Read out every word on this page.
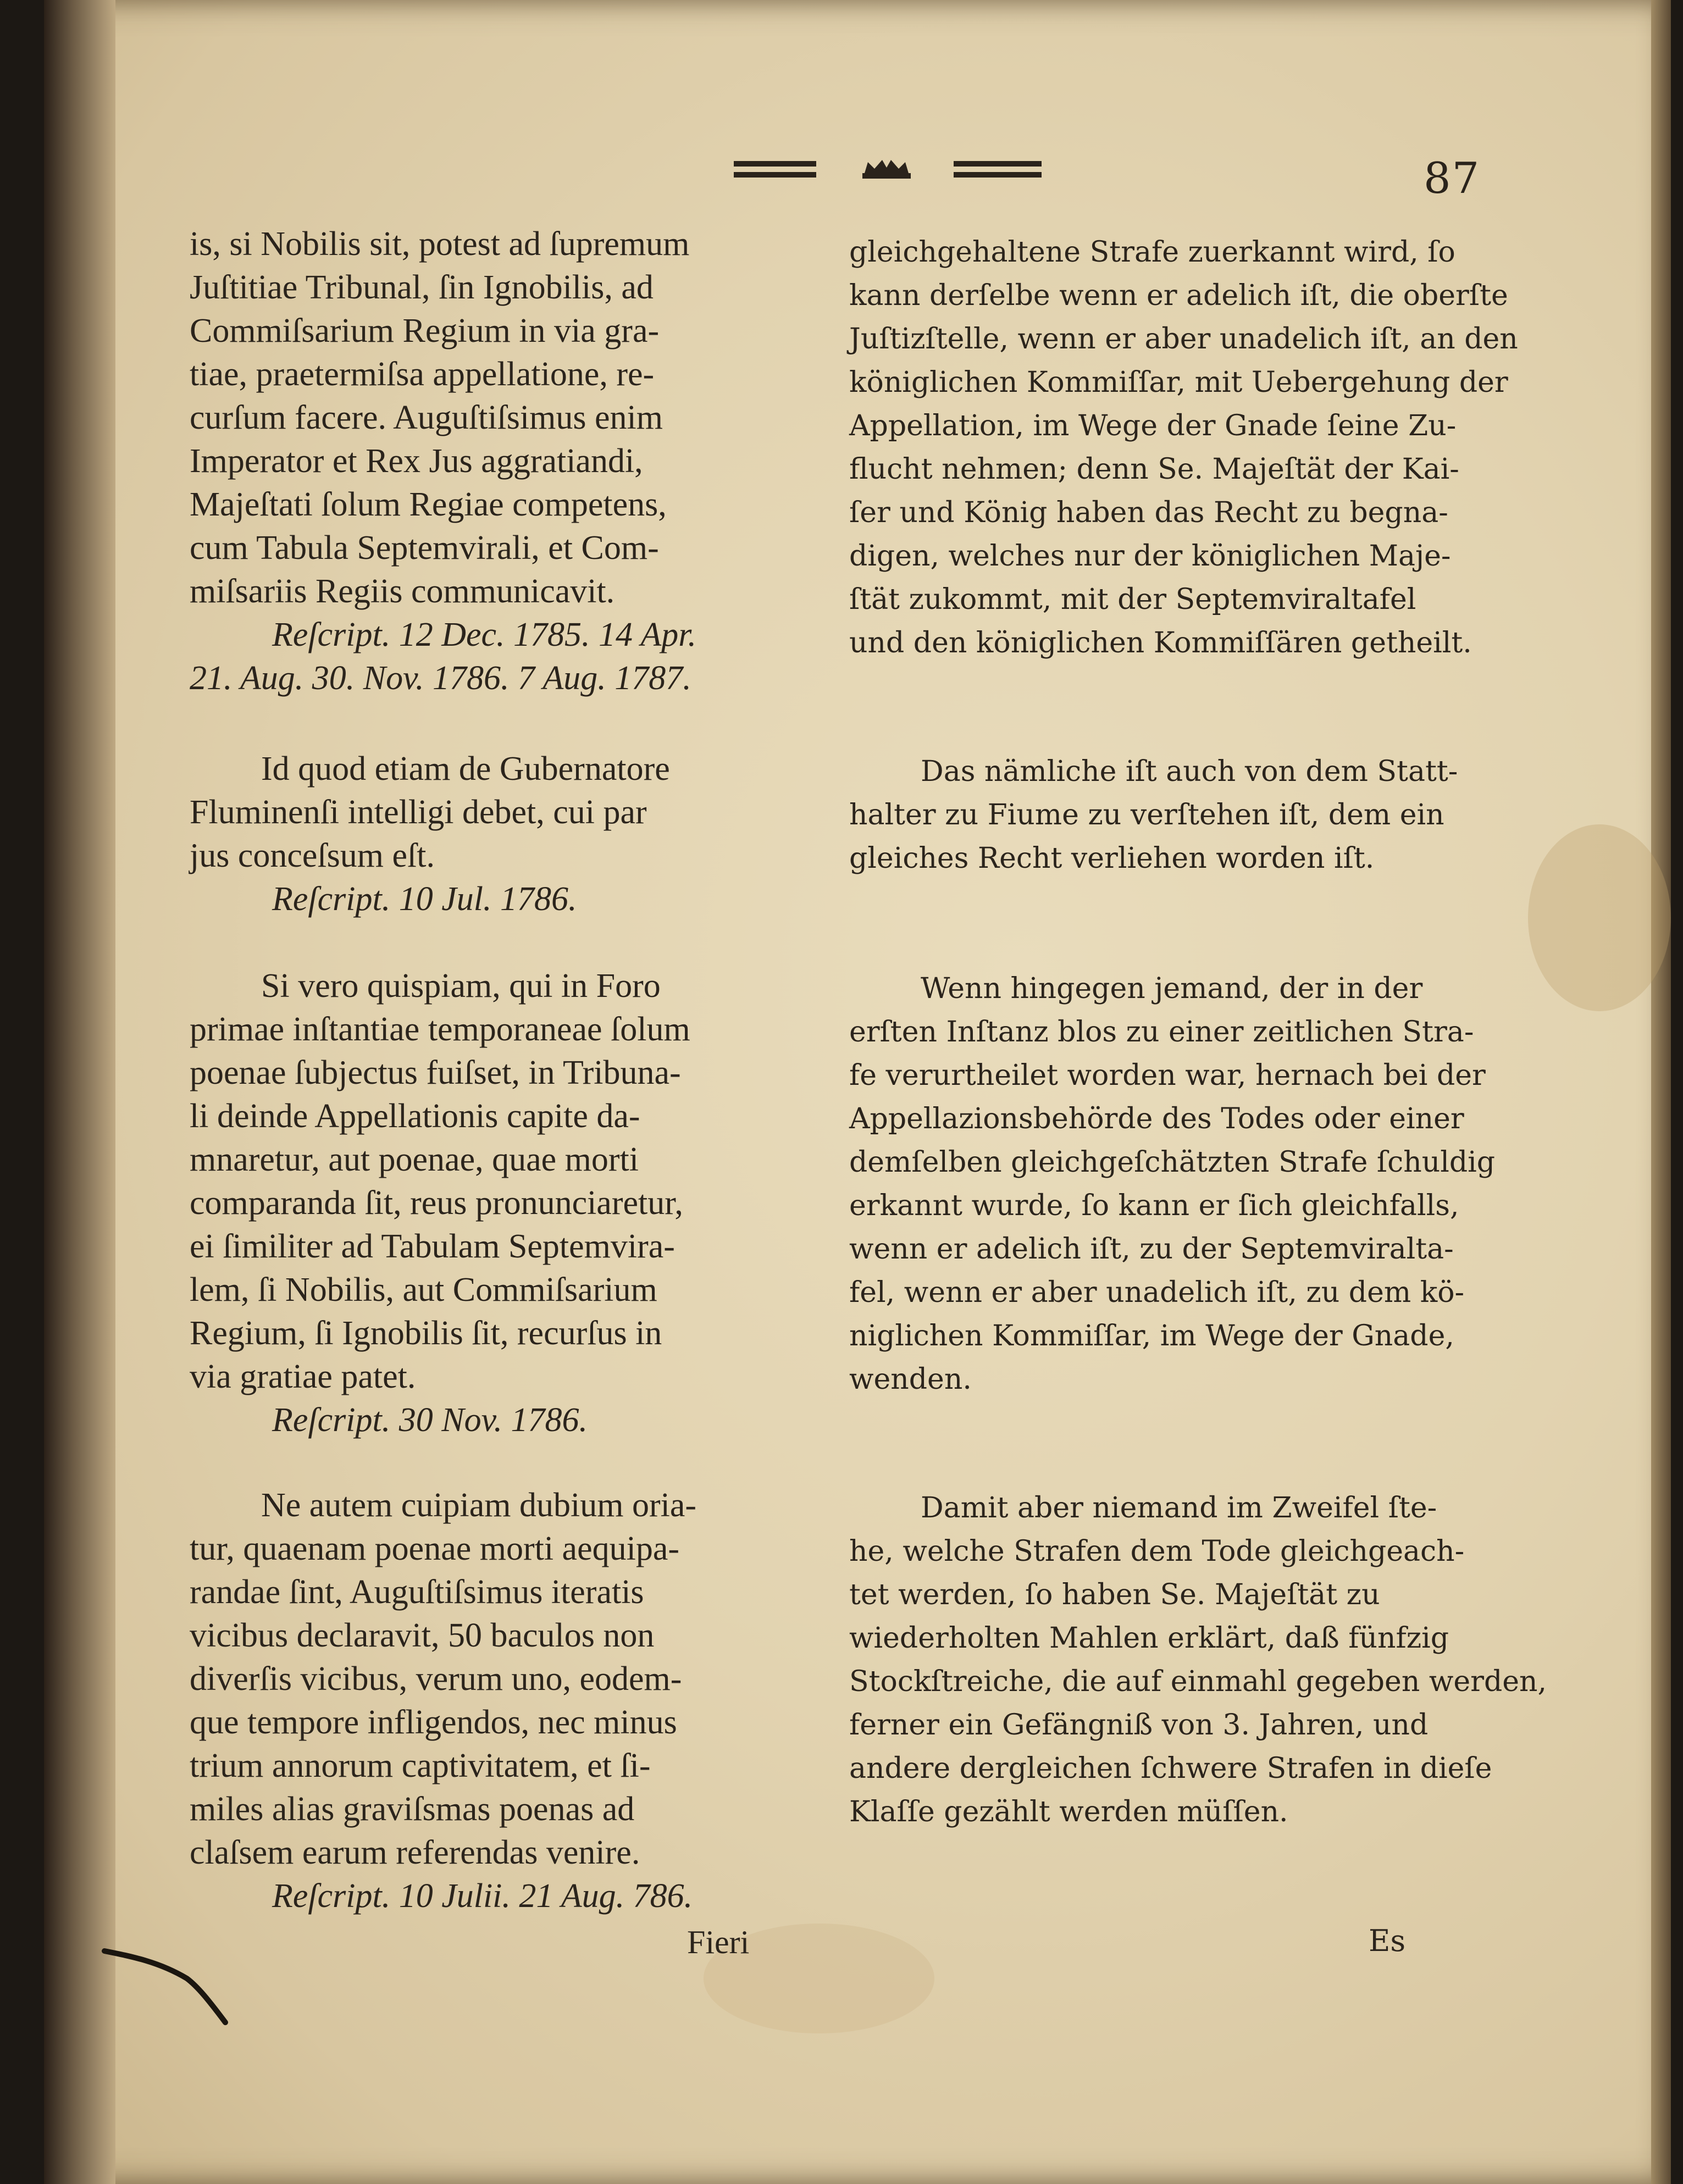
87
is, si Nobilis sit, potest ad ſupremum
Juſtitiae Tribunal, ſin Ignobilis, ad
Commiſsarium Regium in via gra-
tiae, praetermiſsa appellatione, re-
curſum facere. Auguſtiſsimus enim
Imperator et Rex Jus aggratiandi,
Majeſtati ſolum Regiae competens,
cum Tabula Septemvirali, et Com-
miſsariis Regiis communicavit.
Reſcript. 12 Dec. 1785. 14 Apr.
21. Aug. 30. Nov. 1786. 7 Aug. 1787.
Id quod etiam de Gubernatore
Fluminenſi intelligi debet, cui par
jus conceſsum eſt.
Reſcript. 10 Jul. 1786.
Si vero quispiam, qui in Foro
primae inſtantiae temporaneae ſolum
poenae ſubjectus fuiſset, in Tribuna-
li deinde Appellationis capite da-
mnaretur, aut poenae, quae morti
comparanda ſit, reus pronunciaretur,
ei ſimiliter ad Tabulam Septemvira-
lem, ſi Nobilis, aut Commiſsarium
Regium, ſi Ignobilis ſit, recurſus in
via gratiae patet.
Reſcript. 30 Nov. 1786.
Ne autem cuipiam dubium oria-
tur, quaenam poenae morti aequipa-
randae ſint, Auguſtiſsimus iteratis
vicibus declaravit, 50 baculos non
diverſis vicibus, verum uno, eodem-
que tempore infligendos, nec minus
trium annorum captivitatem, et ſi-
miles alias graviſsmas poenas ad
claſsem earum referendas venire.
Reſcript. 10 Julii. 21 Aug. 786.
Fieri
gleichgehaltene Strafe zuerkannt wird, ſo
kann derſelbe wenn er adelich iſt, die oberſte
Juſtizſtelle, wenn er aber unadelich iſt, an den
königlichen Kommiſſar, mit Uebergehung der
Appellation, im Wege der Gnade ſeine Zu-
flucht nehmen; denn Se. Majeſtät der Kai-
ſer und König haben das Recht zu begna-
digen, welches nur der königlichen Maje-
ſtät zukommt, mit der Septemviraltafel
und den königlichen Kommiſſären getheilt.
Das nämliche iſt auch von dem Statt-
halter zu Fiume zu verſtehen iſt, dem ein
gleiches Recht verliehen worden iſt.
Wenn hingegen jemand, der in der
erſten Inſtanz blos zu einer zeitlichen Stra-
fe verurtheilet worden war, hernach bei der
Appellazionsbehörde des Todes oder einer
demſelben gleichgeſchätzten Strafe ſchuldig
erkannt wurde, ſo kann er ſich gleichfalls,
wenn er adelich iſt, zu der Septemviralta-
fel, wenn er aber unadelich iſt, zu dem kö-
niglichen Kommiſſar, im Wege der Gnade,
wenden.
Damit aber niemand im Zweifel ſte-
he, welche Strafen dem Tode gleichgeach-
tet werden, ſo haben Se. Majeſtät zu
wiederholten Mahlen erklärt, daß fünfzig
Stockſtreiche, die auf einmahl gegeben werden,
ferner ein Gefängniß von 3. Jahren, und
andere dergleichen ſchwere Strafen in dieſe
Klaſſe gezählt werden müſſen.
Es
